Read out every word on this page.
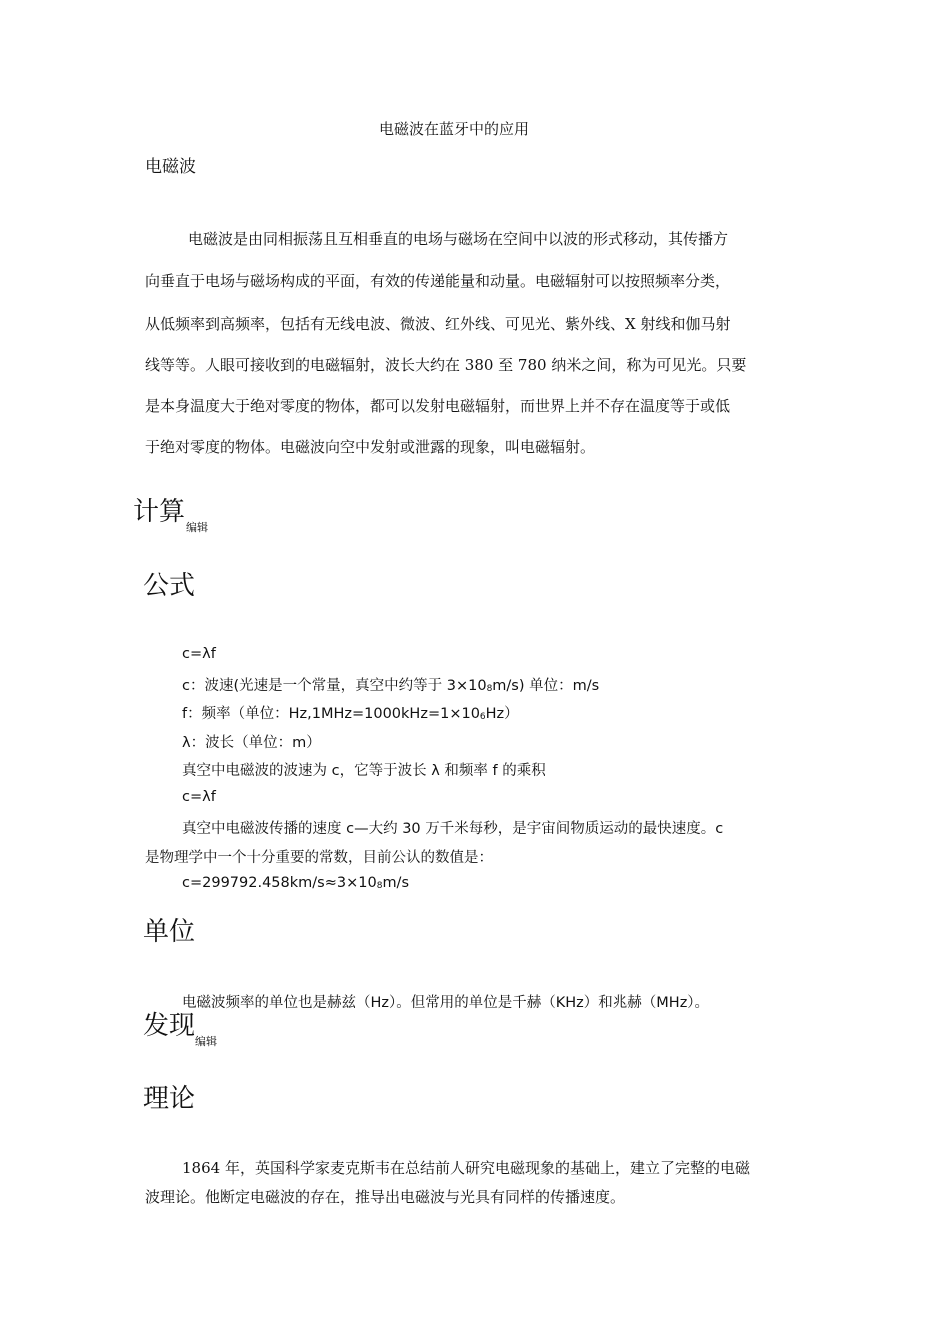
电磁波在蓝牙中的应用
电磁波
电磁波是由同相振荡且互相垂直的电场与磁场在空间中以波的形式移动，其传播方
向垂直于电场与磁场构成的平面，有效的传递能量和动量。电磁辐射可以按照频率分类，
从低频率到高频率，包括有无线电波、微波、红外线、可见光、紫外线、X 射线和伽马射
线等等。人眼可接收到的电磁辐射，波长大约在 380 至 780 纳米之间，称为可见光。只要
是本身温度大于绝对零度的物体，都可以发射电磁辐射，而世界上并不存在温度等于或低
于绝对零度的物体。电磁波向空中发射或泄露的现象，叫电磁辐射。
计算
编辑
公式
c=λf
c：波速(光速是一个常量，真空中约等于 $3\times 10_8m/s$) 单位：m/s
f：频率（单位：$Hz,1MHz=1000kHz=1\times 10_6Hz$）
λ：波长（单位：m）
真空中电磁波的波速为 c，它等于波长 λ 和频率 f 的乘积
c=λf
真空中电磁波传播的速度 c—大约 30 万千米每秒，是宇宙间物质运动的最快速度。c
是物理学中一个十分重要的常数，目前公认的数值是：
$c=299792.458km/s\approx 3\times 10_8m/s$
单位
电磁波频率的单位也是赫兹（Hz）。但常用的单位是千赫（KHz）和兆赫（MHz）。
发现
编辑
理论
1864 年，英国科学家麦克斯韦在总结前人研究电磁现象的基础上，建立了完整的电磁
波理论。他断定电磁波的存在，推导出电磁波与光具有同样的传播速度。
